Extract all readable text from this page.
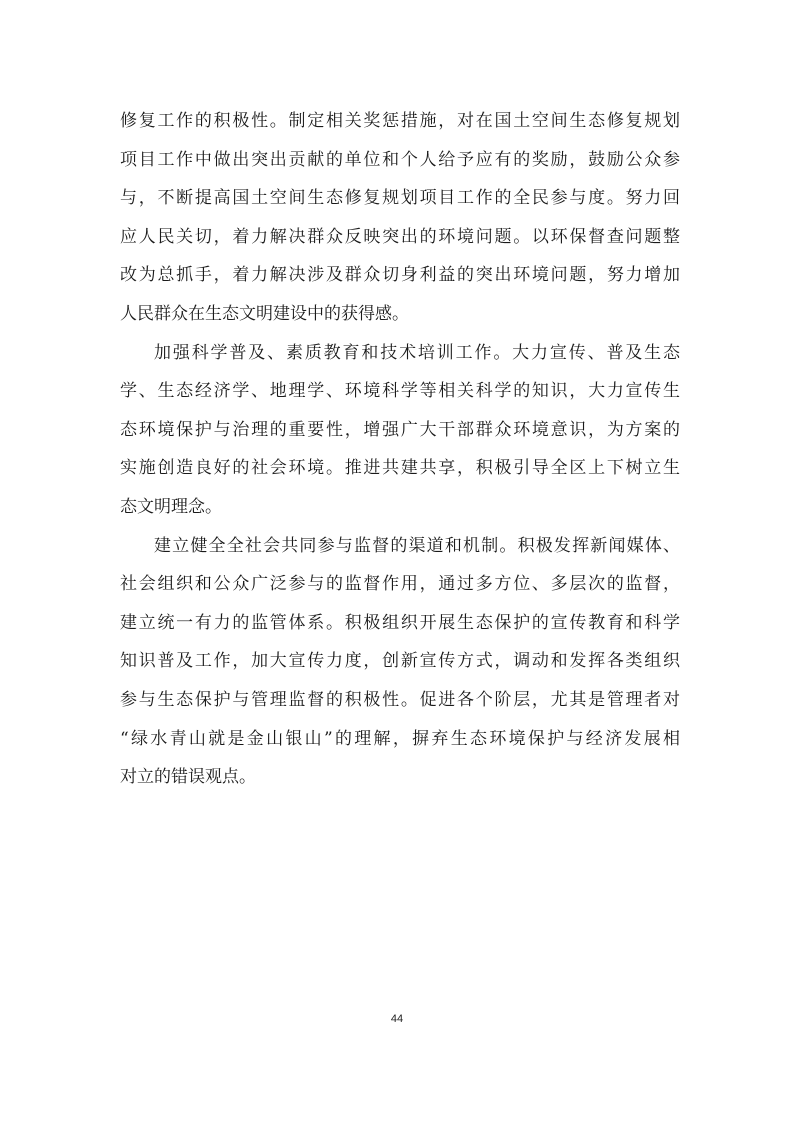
修复工作的积极性。制定相关奖惩措施，对在国土空间生态修复规划
项目工作中做出突出贡献的单位和个人给予应有的奖励，鼓励公众参
与，不断提高国土空间生态修复规划项目工作的全民参与度。努力回
应人民关切，着力解决群众反映突出的环境问题。以环保督查问题整
改为总抓手，着力解决涉及群众切身利益的突出环境问题，努力增加
人民群众在生态文明建设中的获得感。
加强科学普及、素质教育和技术培训工作。大力宣传、普及生态
学、生态经济学、地理学、环境科学等相关科学的知识，大力宣传生
态环境保护与治理的重要性，增强广大干部群众环境意识，为方案的
实施创造良好的社会环境。推进共建共享，积极引导全区上下树立生
态文明理念。
建立健全全社会共同参与监督的渠道和机制。积极发挥新闻媒体、
社会组织和公众广泛参与的监督作用，通过多方位、多层次的监督，
建立统一有力的监管体系。积极组织开展生态保护的宣传教育和科学
知识普及工作，加大宣传力度，创新宣传方式，调动和发挥各类组织
参与生态保护与管理监督的积极性。促进各个阶层，尤其是管理者对
“绿水青山就是金山银山”的理解，摒弃生态环境保护与经济发展相
对立的错误观点。
44
